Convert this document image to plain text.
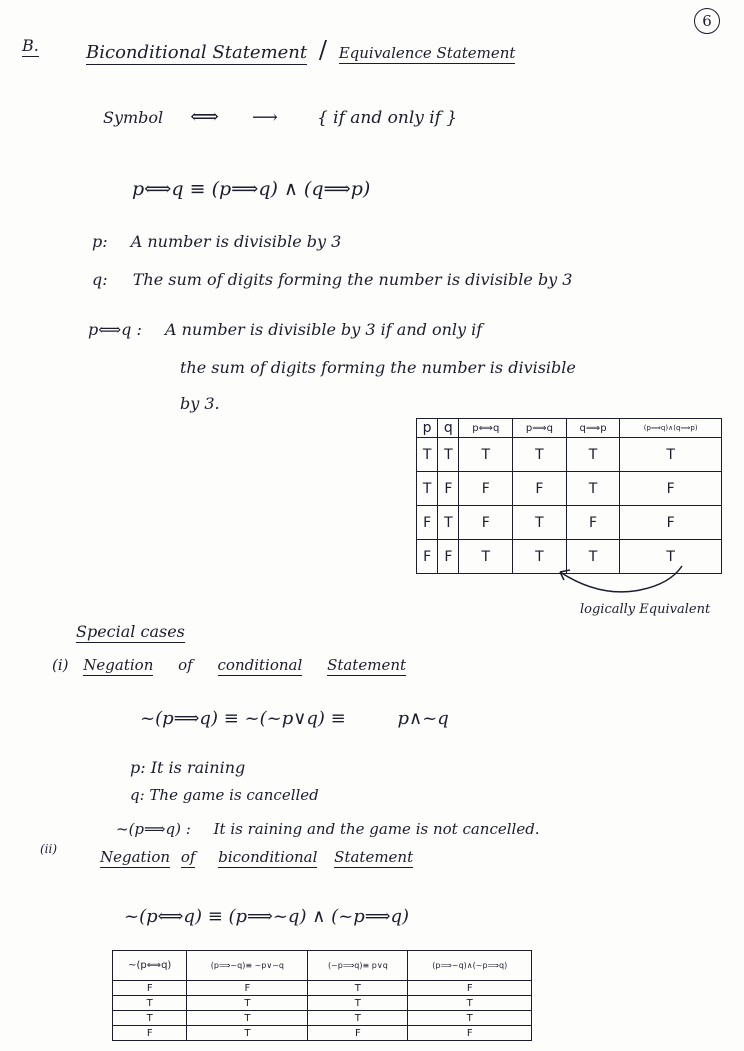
6
B.	Biconditional Statement / Equivalence Statement
Symbol ⟺ ⟶ { if and only if }
p⟺q ≡ (p⟹q) ∧ (q⟹p)
p: A number is divisible by 3
q: The sum of digits forming the number is divisible by 3
p⟺q : A number is divisible by 3 if and only if
the sum of digits forming the number is divisible
by 3.
p	q	p⟺q	p⟹q	q⟹p	(p⟹q)∧(q⟹p)
T	T	T	T	T	T
T	F	F	F	T	F
F	T	F	T	F	F
F	F	T	T	T	T
logically Equivalent
Special cases
(i) Negation of conditional Statement
~(p⟹q) ≡ ~(~p∨q) ≡	p∧~q
p: It is raining
q: The game is cancelled
~(p⟹q) : It is raining and the game is not cancelled.
(ii)	Negation of biconditional Statement
~(p⟺q) ≡ (p⟹~q) ∧ (~p⟹q)
~(p⟺q)	(p⟹~q)≡ ~p∨~q	(~p⟹q)≡ p∨q	(p⟹~q)∧(~p⟹q)
F	F	T	F
T	T	T	T
T	T	T	T
F	T	F	F
